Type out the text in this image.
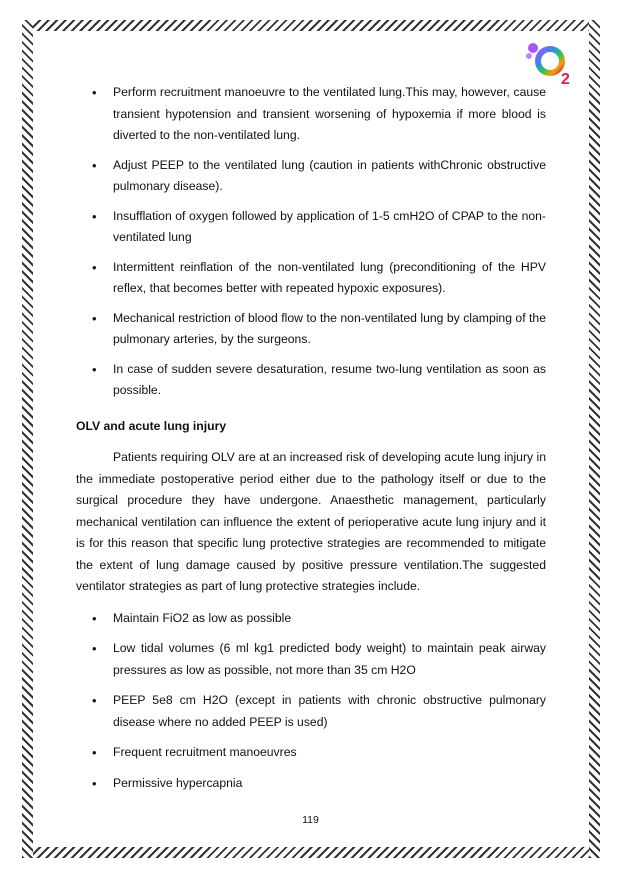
2
• Perform recruitment manoeuvre to the ventilated lung.This may, however, cause transient hypotension and transient worsening of hypoxemia if more blood is diverted to the non-ventilated lung.
• Adjust PEEP to the ventilated lung (caution in patients withChronic obstructive pulmonary disease).
• Insufflation of oxygen followed by application of 1-5 cmH2O of CPAP to the non-ventilated lung
• Intermittent reinflation of the non-ventilated lung (preconditioning of the HPV reflex, that becomes better with repeated hypoxic exposures).
• Mechanical restriction of blood flow to the non-ventilated lung by clamping of the pulmonary arteries, by the surgeons.
• In case of sudden severe desaturation, resume two-lung ventilation as soon as possible.
OLV and acute lung injury

Patients requiring OLV are at an increased risk of developing acute lung injury in the immediate postoperative period either due to the pathology itself or due to the surgical procedure they have undergone. Anaesthetic management, particularly mechanical ventilation can influence the extent of perioperative acute lung injury and it is for this reason that specific lung protective strategies are recommended to mitigate the extent of lung damage caused by positive pressure ventilation.The suggested ventilator strategies as part of lung protective strategies include.

• Maintain FiO2 as low as possible
• Low tidal volumes (6 ml kg1 predicted body weight) to maintain peak airway pressures as low as possible, not more than 35 cm H2O
• PEEP 5e8 cm H2O (except in patients with chronic obstructive pulmonary disease where no added PEEP is used)
• Frequent recruitment manoeuvres
• Permissive hypercapnia
119
